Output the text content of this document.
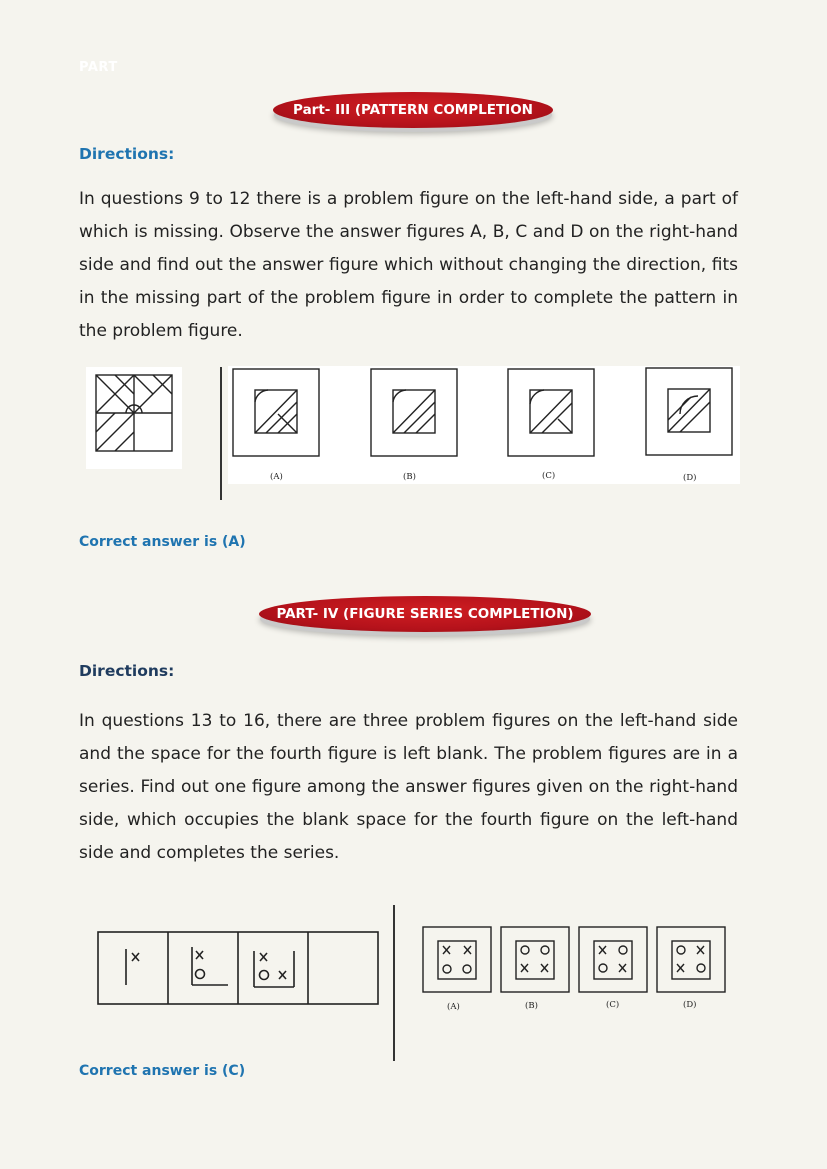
PART
Part- III (PATTERN COMPLETION
Directions:
In questions 9 to 12 there is a problem figure on the left-hand side, a part of which is missing. Observe the answer figures A, B, C and D on the right-hand side and find out the answer figure which without changing the direction, fits in the missing part of the problem figure in order to complete the pattern in the problem figure.
(A)	(B)	(C)	(D)
Correct answer is (A)
PART- IV (FIGURE SERIES COMPLETION)
Directions:
In questions 13 to 16, there are three problem figures on the left-hand side and the space for the fourth figure is left blank. The problem figures are in a series. Find out one figure among the answer figures given on the right-hand side, which occupies the blank space for the fourth figure on the left-hand side and completes the series.
(A)	(B)	(C)	(D)
Correct answer is (C)
